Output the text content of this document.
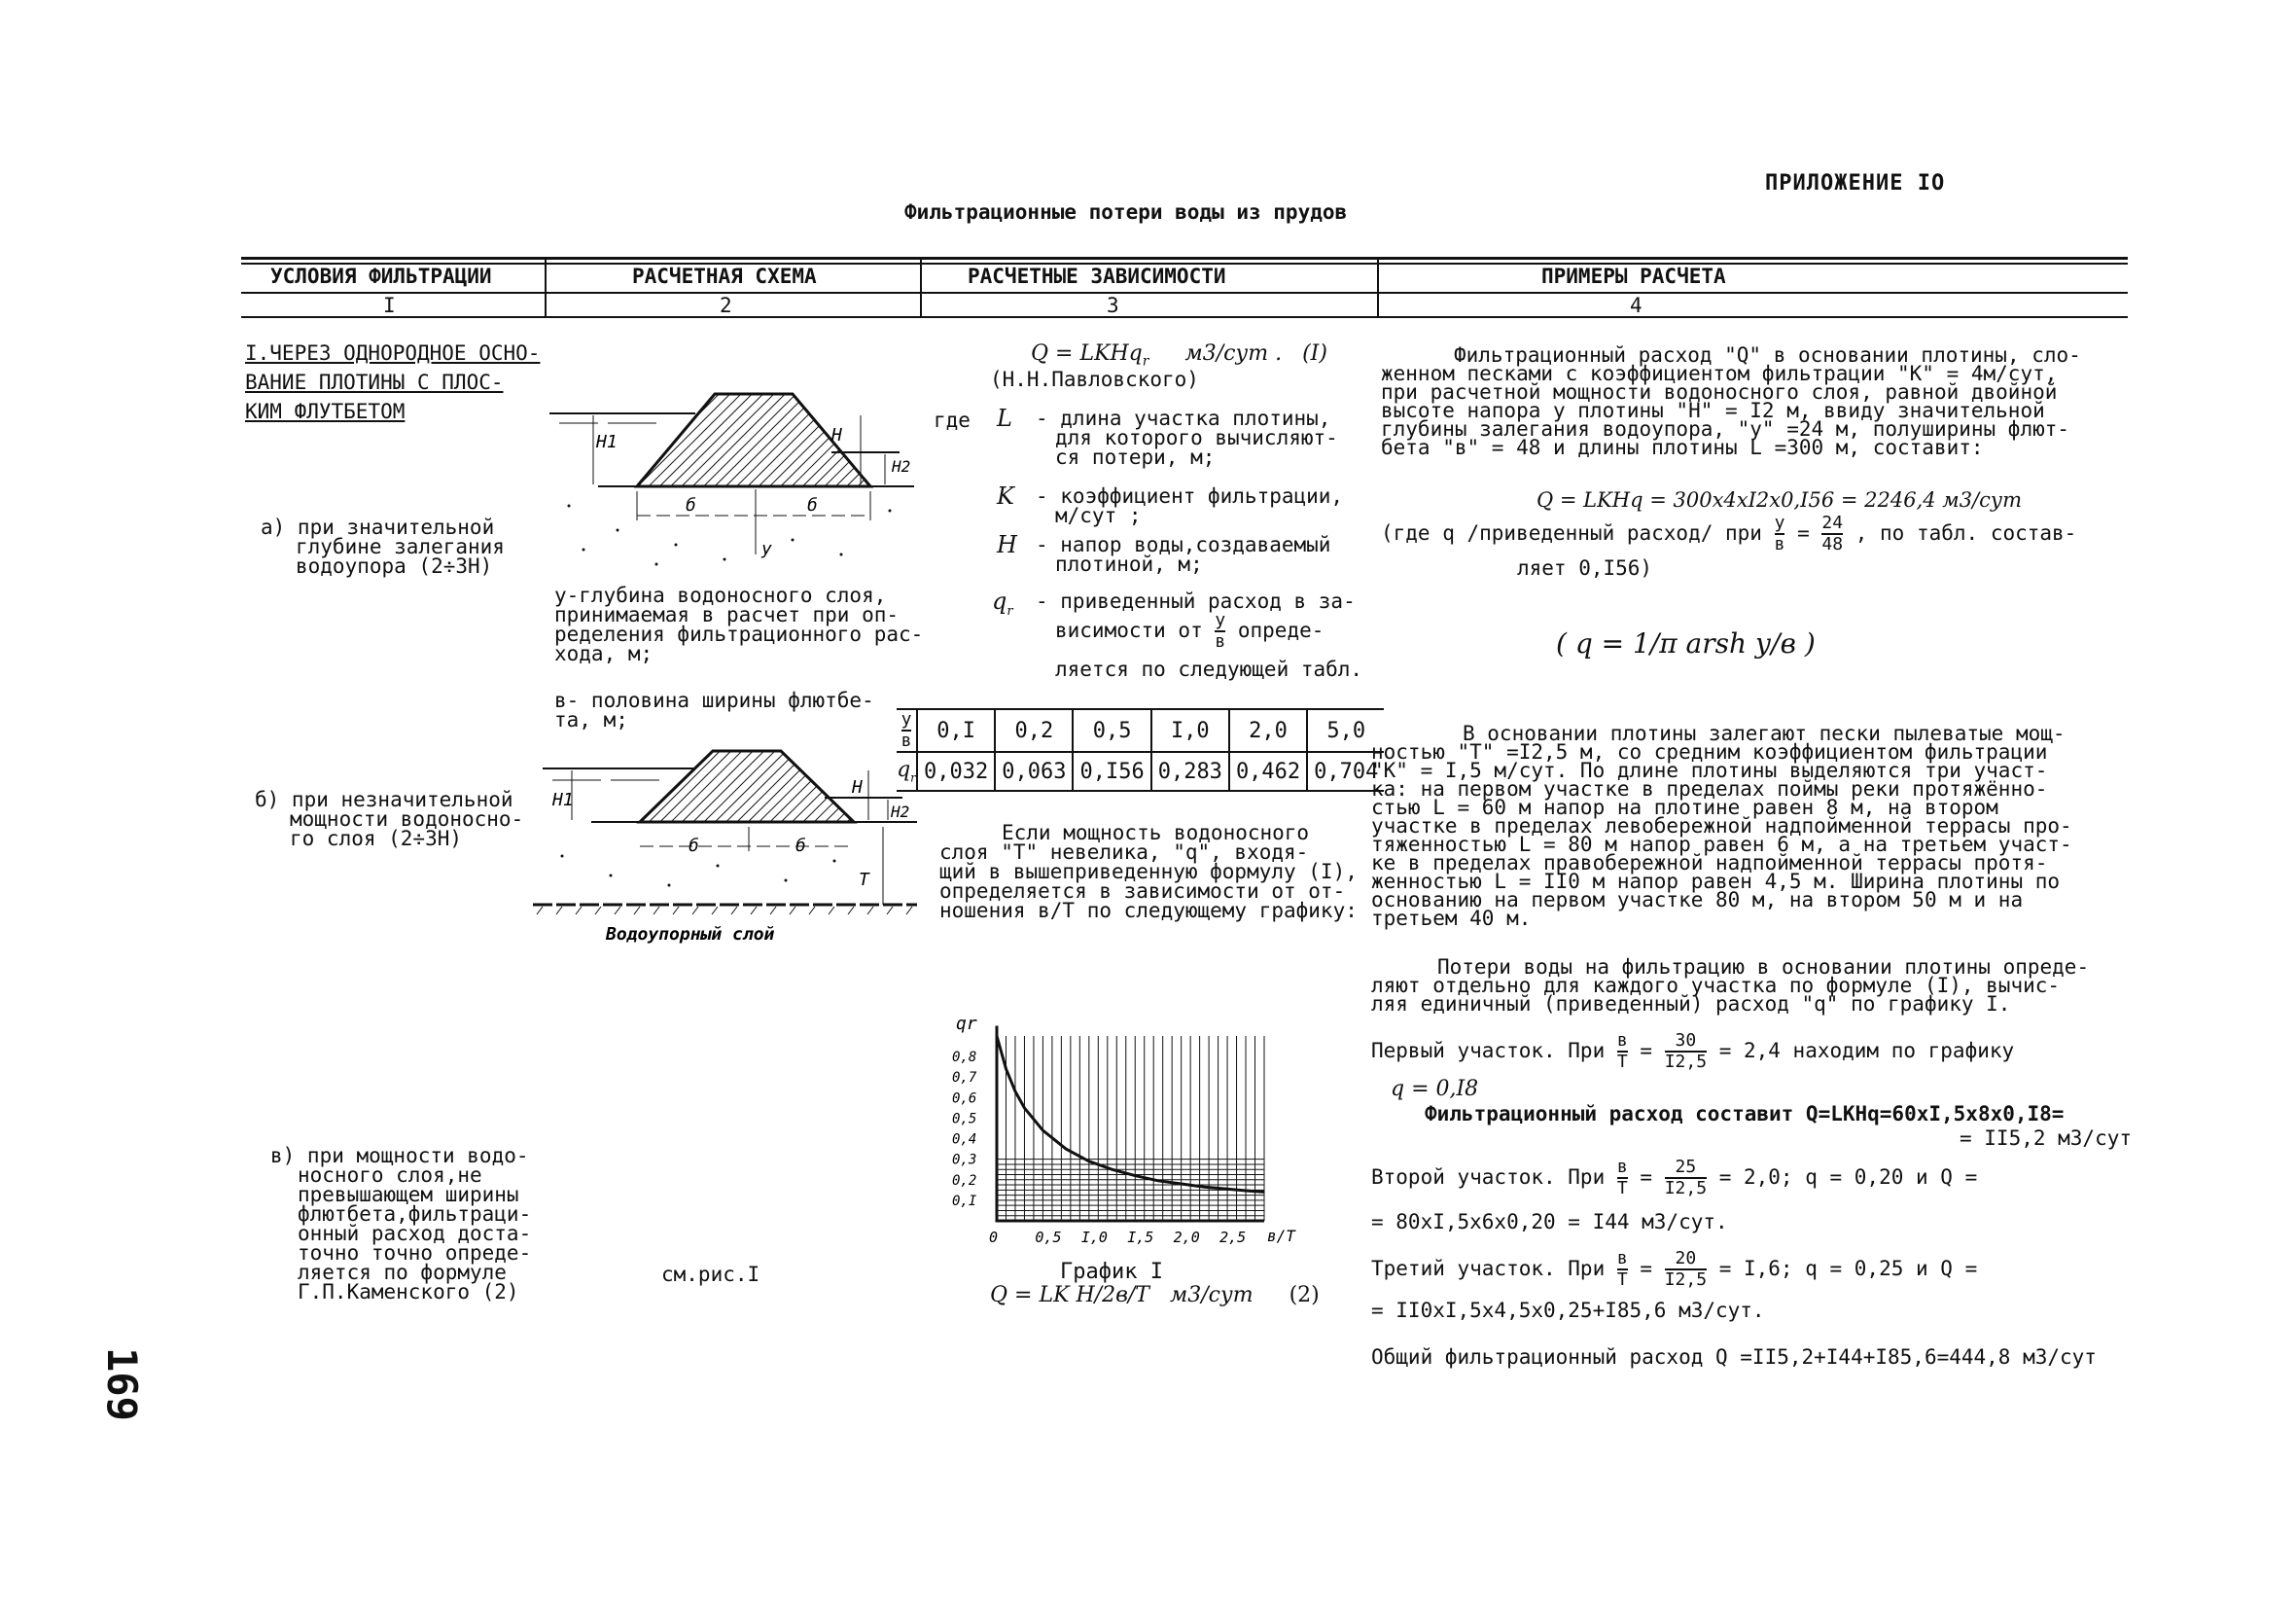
ПРИЛОЖЕНИЕ IO
Фильтрационные потери воды из прудов
УСЛОВИЯ ФИЛЬТРАЦИИ	РАСЧЕТНАЯ СХЕМА	РАСЧЕТНЫЕ ЗАВИСИМОСТИ	ПРИМЕРЫ РАСЧЕТА
I	2	3	4
I.ЧЕРЕЗ ОДНОРОДНОЕ ОСНО-
ВАНИЕ ПЛОТИНЫ С ПЛОС-
КИМ ФЛУТБЕТОМ
а) при значительной
глубине залегания
водоупора (2÷3Н)
б) при незначительной
мощности водоносно-
го слоя (2÷3Н)
в) при мощности водо-
носного слоя,не
превышающем ширины
флютбета,фильтраци-
онный расход доста-
точно точно опреде-
ляется по формуле
Г.П.Каменского (2)
H1	H
H2
б	б
y
у-глубина водоносного слоя,
принимаемая в расчет при оп-
ределения фильтрационного рас-
хода, м;
в- половина ширины флютбе-
та, м;
H1
H
H2
б	б
T
Водоупорный слой
см.рис.I
Q = LKHq$_r$ м3/сут . (I)
(Н.Н.Павловского)
где L - длина участка плотины,
для которого вычисляют-
ся потери, м;
K - коэффициент фильтрации,
м/сут ;
H - напор воды,создаваемый
плотиной, м;
$q_r$ - приведенный расход в за-
висимости от $\frac{у}{в}$ опреде-
ляется по следующей табл.
$\frac{у}{в}$	0,I	0,2	0,5	I,0	2,0	5,0
$q_r$	0,032	0,063	0,I56	0,283	0,462	0,704
Если мощность водоносного
слоя "Т" невелика, "q", входя-
щий в вышеприведенную формулу (I),
определяется в зависимости от от-
ношения в/Т по следующему графику:
qr
в/Т
0	0,5 I,0 I,5 2,0 2,5
0,I
0,2
0,3
0,4
0,5
0,6
0,7
0,8
График I
Q = LK H/2в/T м3/сут (2)
Фильтрационный расход "Q" в основании плотины, сло-
женном песками с коэффициентом фильтрации "К" = 4м/сут,
при расчетной мощности водоносного слоя, равной двойной
высоте напора у плотины "Н" = I2 м, ввиду значительной
глубины залегания водоупора, "у" =24 м, полуширины флют-
бета "в" = 48 и длины плотины L =300 м, составит:
Q = LKHq = 300x4xI2x0,I56 = 2246,4 м3/сут
(где q /приведенный расход/ при $\frac{у}{в} = \frac{24}{48}$ , по табл. состав-
ляет 0,I56)
( q = 1/π arsh у/в )
В основании плотины залегают пески пылеватые мощ-
ностью "Т" =I2,5 м, со средним коэффициентом фильтрации
"К" = I,5 м/сут. По длине плотины выделяются три участ-
ка: на первом участке в пределах поймы реки протяжённо-
стью L = 60 м напор на плотине равен 8 м, на втором
участке в пределах левобережной надпойменной террасы про-
тяженностью L = 80 м напор равен 6 м, а на третьем участ-
ке в пределах правобережной надпойменной террасы протя-
женностью L = II0 м напор равен 4,5 м. Ширина плотины по
основанию на первом участке 80 м, на втором 50 м и на
третьем 40 м.
Потери воды на фильтрацию в основании плотины опреде-
ляют отдельно для каждого участка по формуле (I), вычис-
ляя единичный (приведенный) расход "q" по графику I.
Первый участок. При $\frac{в}{Т} = \frac{30}{I2,5} = 2,4$ находим по графику
q = 0,I8
Фильтрационный расход составит Q=LKHq=60xI,5x8x0,I8=
= II5,2 м3/сут
Второй участок. При $\frac{в}{Т} = \frac{25}{I2,5} = 2,0$; q = 0,20 и Q =
= 80xI,5x6x0,20 = I44 м3/сут.
Третий участок. При $\frac{в}{Т} = \frac{20}{I2,5} = I,6$; q = 0,25 и Q =
= II0xI,5x4,5x0,25+I85,6 м3/сут.
Общий фильтрационный расход Q =II5,2+I44+I85,6=444,8 м3/сут
169
